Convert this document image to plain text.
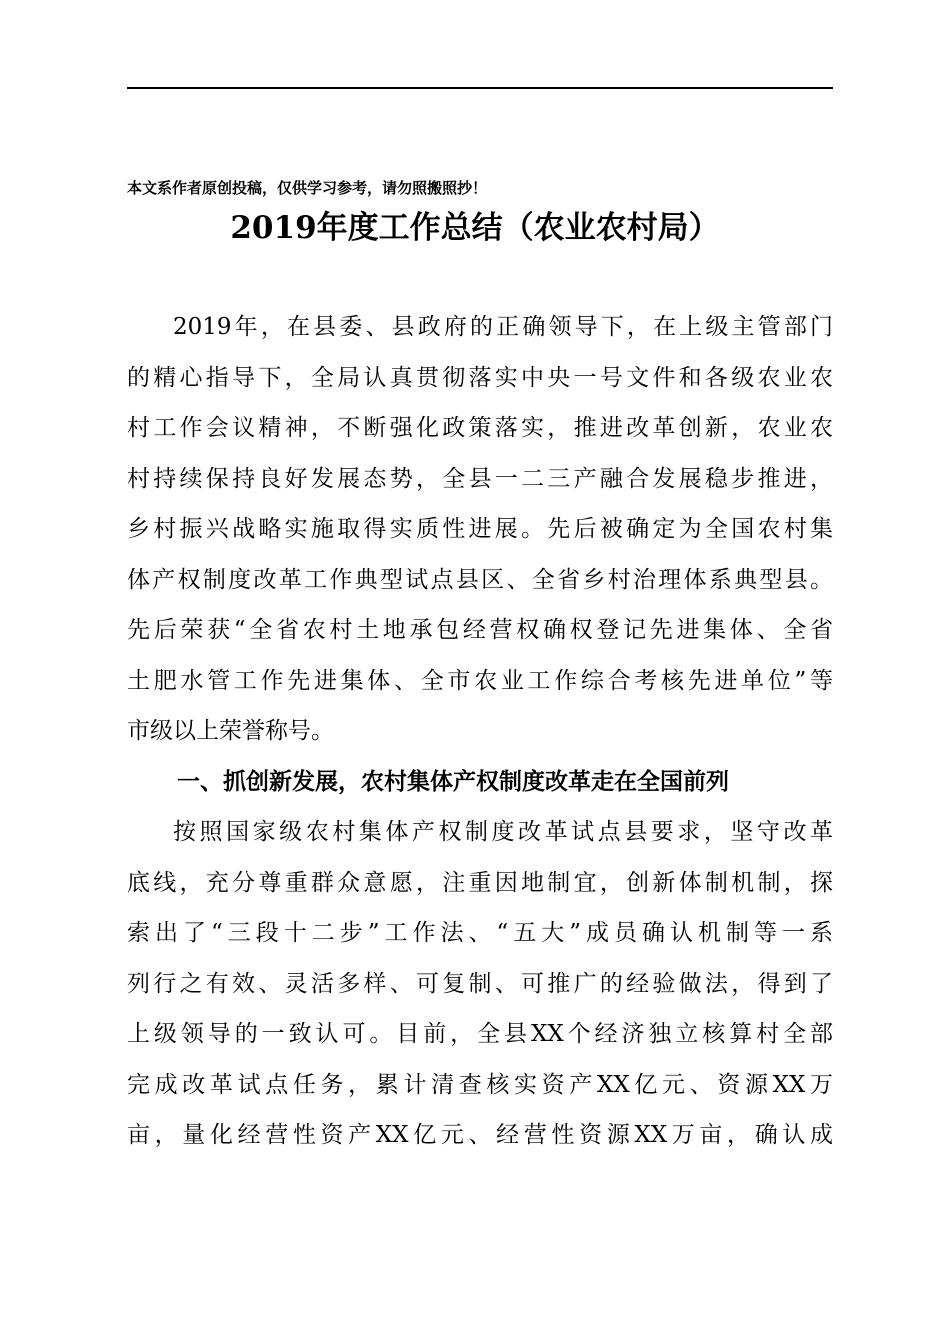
本文系作者原创投稿，仅供学习参考，请勿照搬照抄！
2019年度工作总结（农业农村局）
2019年，在县委、县政府的正确领导下，在上级主管部门
的精心指导下，全局认真贯彻落实中央一号文件和各级农业农
村工作会议精神，不断强化政策落实，推进改革创新，农业农
村持续保持良好发展态势，全县一二三产融合发展稳步推进，
乡村振兴战略实施取得实质性进展。先后被确定为全国农村集
体产权制度改革工作典型试点县区、全省乡村治理体系典型县。
先后荣获“全省农村土地承包经营权确权登记先进集体、全省
土肥水管工作先进集体、全市农业工作综合考核先进单位”等
市级以上荣誉称号。
一、抓创新发展，农村集体产权制度改革走在全国前列
按照国家级农村集体产权制度改革试点县要求，坚守改革
底线，充分尊重群众意愿，注重因地制宜，创新体制机制，探
索出了“三段十二步”工作法、“五大”成员确认机制等一系
列行之有效、灵活多样、可复制、可推广的经验做法，得到了
上级领导的一致认可。目前，全县XX个经济独立核算村全部
完成改革试点任务，累计清查核实资产XX亿元、资源XX万
亩，量化经营性资产XX亿元、经营性资源XX万亩，确认成
